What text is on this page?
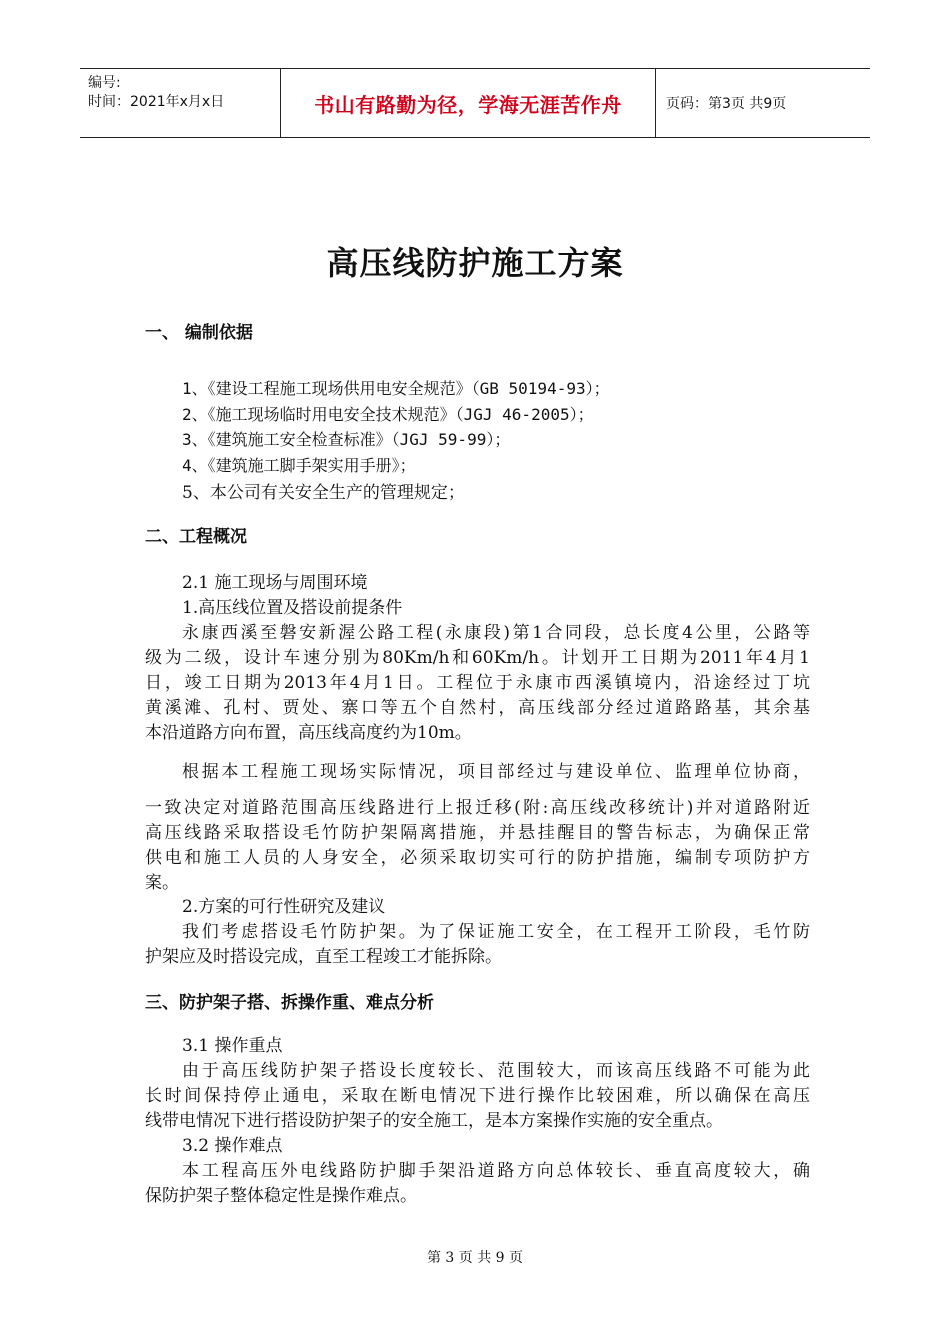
编号:
时间：2021年x月x日	书山有路勤为径，学海无涯苦作舟	页码：第3页 共9页
高压线防护施工方案
一、 编制依据
1、《建设工程施工现场供用电安全规范》（GB 50194-93）；
2、《施工现场临时用电安全技术规范》（JGJ 46-2005）；
3、《建筑施工安全检查标准》（JGJ 59-99）；
4、《建筑施工脚手架实用手册》；
5、本公司有关安全生产的管理规定；
二、工程概况
2.1 施工现场与周围环境
1.高压线位置及搭设前提条件
永康西溪至磐安新渥公路工程(永康段)第1合同段，总长度4公里，公路等
级为二级，设计车速分别为80Km/h和60Km/h。计划开工日期为2011年4月1
日，竣工日期为2013年4月1日。工程位于永康市西溪镇境内，沿途经过丁坑
黄溪滩、孔村、贾处、寨口等五个自然村，高压线部分经过道路路基，其余基
本沿道路方向布置，高压线高度约为10m。
根据本工程施工现场实际情况，项目部经过与建设单位、监理单位协商，
一致决定对道路范围高压线路进行上报迁移(附:高压线改移统计)并对道路附近
高压线路采取搭设毛竹防护架隔离措施，并悬挂醒目的警告标志，为确保正常
供电和施工人员的人身安全，必须采取切实可行的防护措施，编制专项防护方
案。
2.方案的可行性研究及建议
我们考虑搭设毛竹防护架。为了保证施工安全，在工程开工阶段，毛竹防
护架应及时搭设完成，直至工程竣工才能拆除。
三、防护架子搭、拆操作重、难点分析
3.1 操作重点
由于高压线防护架子搭设长度较长、范围较大，而该高压线路不可能为此
长时间保持停止通电，采取在断电情况下进行操作比较困难，所以确保在高压
线带电情况下进行搭设防护架子的安全施工，是本方案操作实施的安全重点。
3.2 操作难点
本工程高压外电线路防护脚手架沿道路方向总体较长、垂直高度较大，确
保防护架子整体稳定性是操作难点。
第 3 页 共 9 页
